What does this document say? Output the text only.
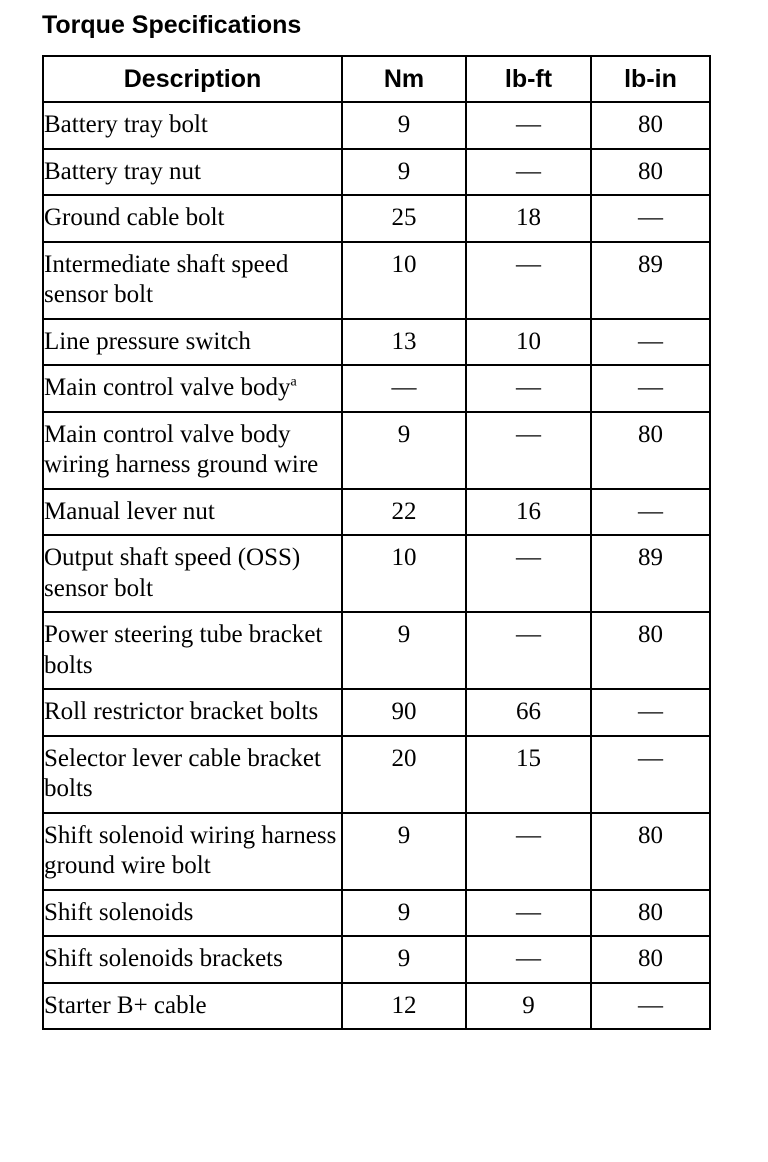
Torque Specifications
Description	Nm	lb-ft	lb-in
Battery tray bolt	9	—	80
Battery tray nut	9	—	80
Ground cable bolt	25	18	—
Intermediate shaft speed sensor bolt	10	—	89
Line pressure switch	13	10	—
Main control valve body$^a$	—	—	—
Main control valve body wiring harness ground wire	9	—	80
Manual lever nut	22	16	—
Output shaft speed (OSS) sensor bolt	10	—	89
Power steering tube bracket bolts	9	—	80
Roll restrictor bracket bolts	90	66	—
Selector lever cable bracket bolts	20	15	—
Shift solenoid wiring harness ground wire bolt	9	—	80
Shift solenoids	9	—	80
Shift solenoids brackets	9	—	80
Starter B+ cable	12	9	—
